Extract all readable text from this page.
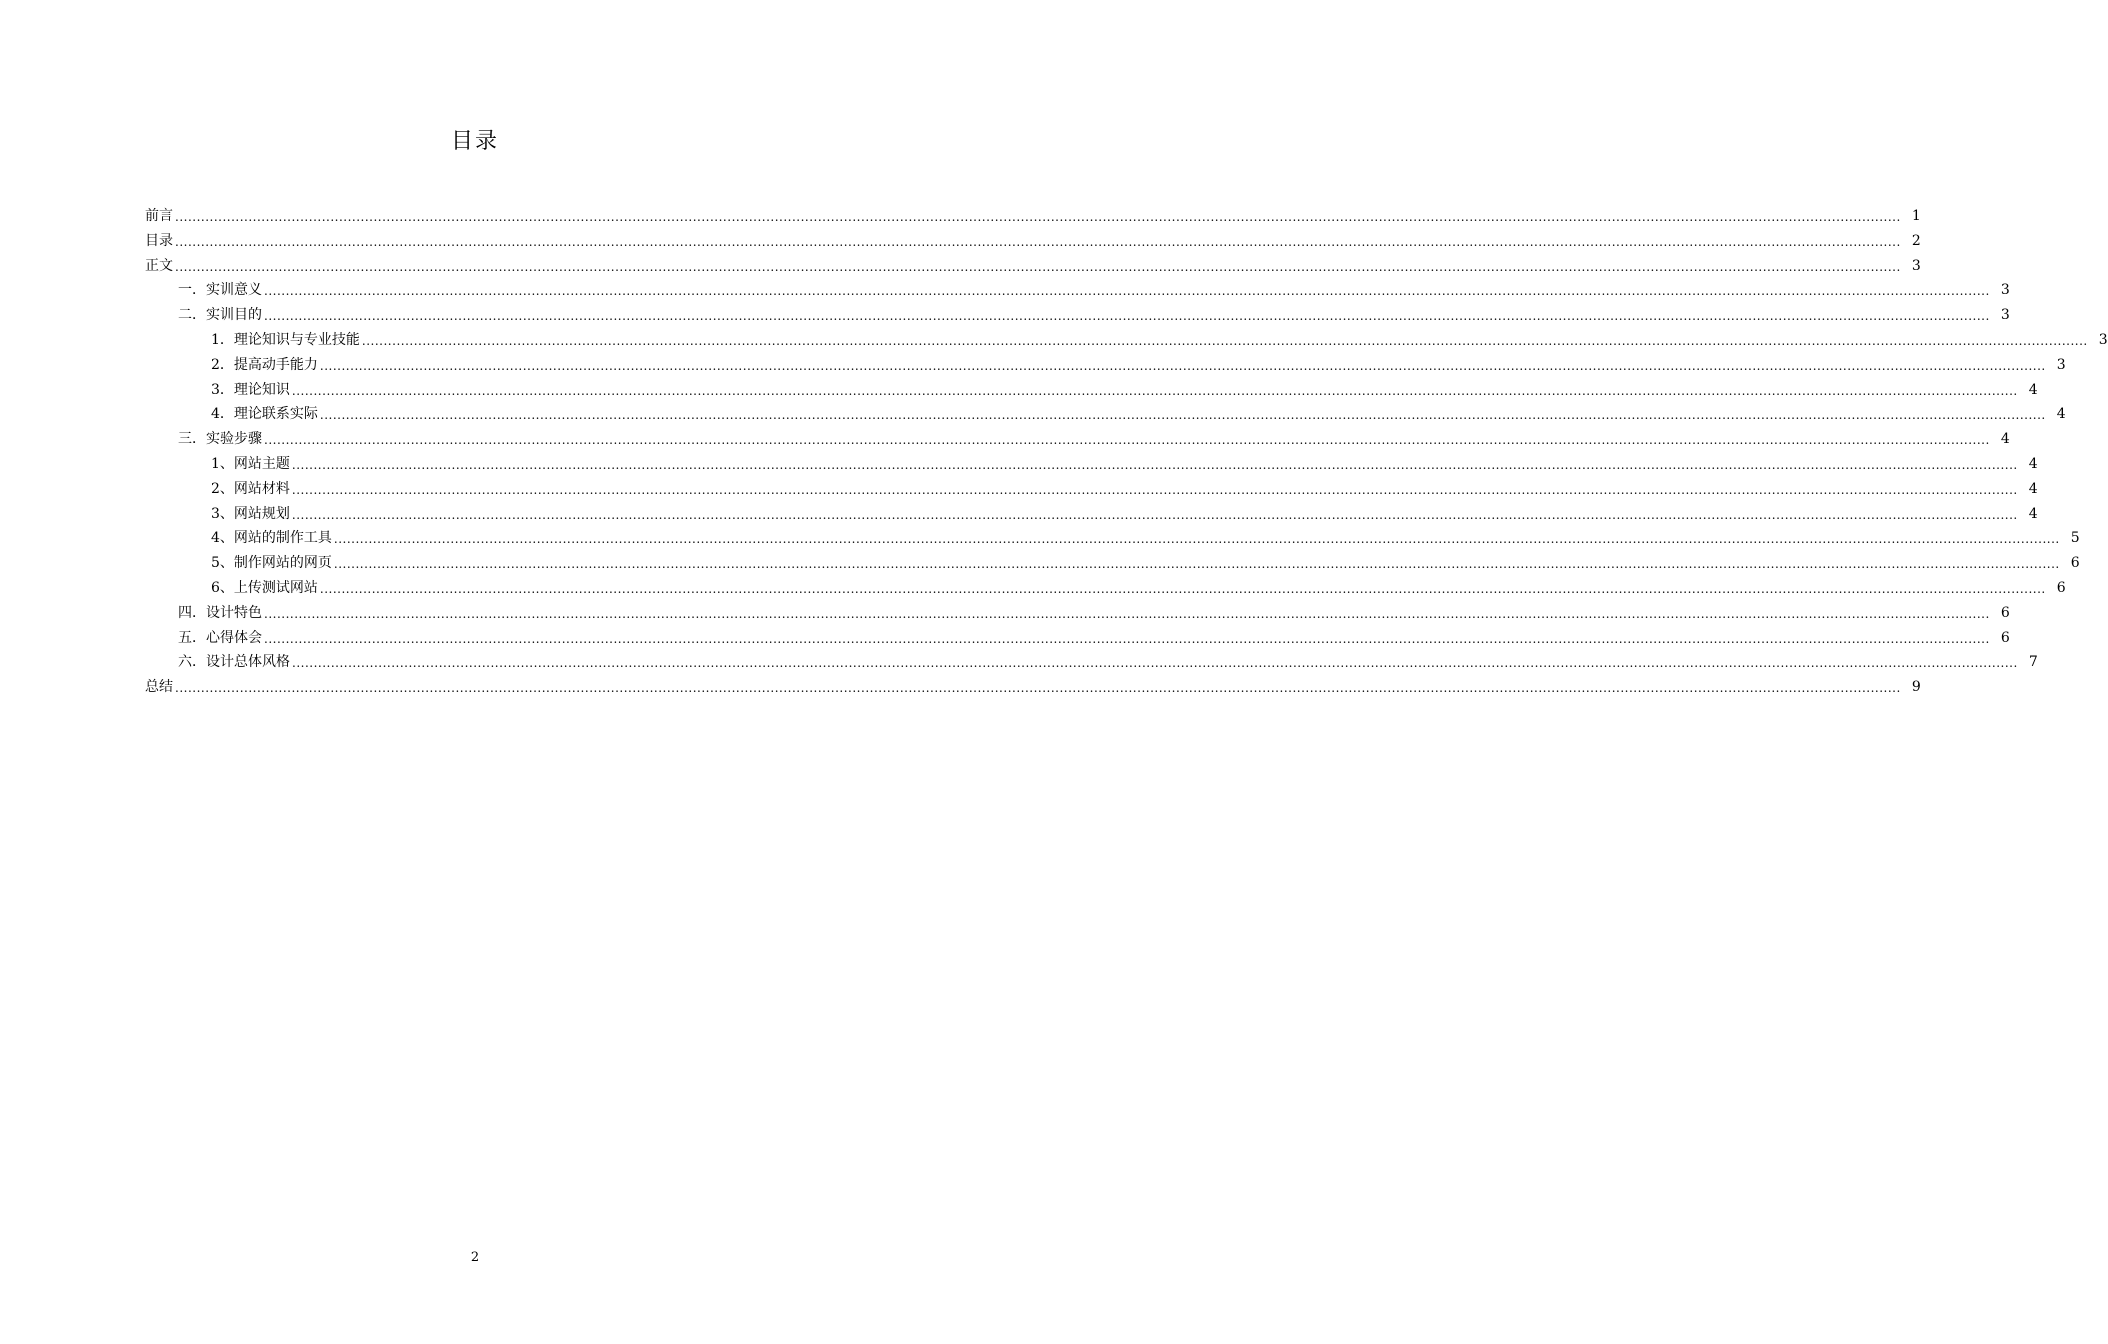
目录
前言 ................................................................................................................................................................................................................................................................................................................................................................................................................ 1
目录 ................................................................................................................................................................................................................................................................................................................................................................................................................ 2
正文 ................................................................................................................................................................................................................................................................................................................................................................................................................ 3
一．实训意义 ................................................................................................................................................................................................................................................................................................................................................................................................................ 3
二．实训目的 ................................................................................................................................................................................................................................................................................................................................................................................................................ 3
1．理论知识与专业技能 ................................................................................................................................................................................................................................................................................................................................................................................................................ 3
2．提高动手能力 ................................................................................................................................................................................................................................................................................................................................................................................................................ 3
3．理论知识 ................................................................................................................................................................................................................................................................................................................................................................................................................ 4
4．理论联系实际 ................................................................................................................................................................................................................................................................................................................................................................................................................ 4
三．实验步骤 ................................................................................................................................................................................................................................................................................................................................................................................................................ 4
1、网站主题 ................................................................................................................................................................................................................................................................................................................................................................................................................ 4
2、网站材料 ................................................................................................................................................................................................................................................................................................................................................................................................................ 4
3、网站规划 ................................................................................................................................................................................................................................................................................................................................................................................................................ 4
4、网站的制作工具 ................................................................................................................................................................................................................................................................................................................................................................................................................ 5
5、制作网站的网页 ................................................................................................................................................................................................................................................................................................................................................................................................................ 6
6、上传测试网站 ................................................................................................................................................................................................................................................................................................................................................................................................................ 6
四．设计特色 ................................................................................................................................................................................................................................................................................................................................................................................................................ 6
五．心得体会 ................................................................................................................................................................................................................................................................................................................................................................................................................ 6
六．设计总体风格 ................................................................................................................................................................................................................................................................................................................................................................................................................ 7
总结 ................................................................................................................................................................................................................................................................................................................................................................................................................ 9
2
